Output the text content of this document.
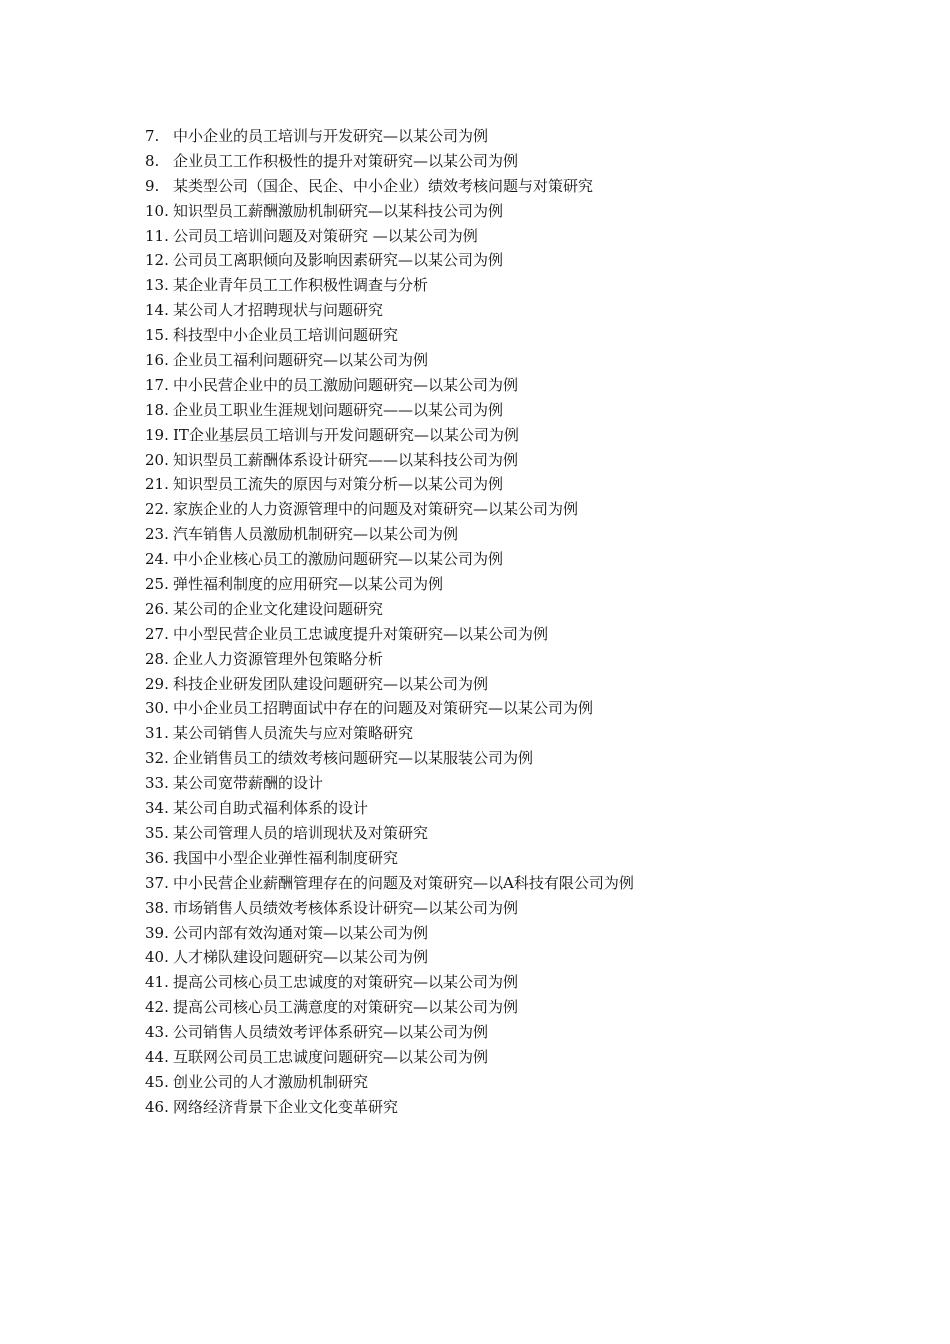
7. 中小企业的员工培训与开发研究—以某公司为例
8. 企业员工工作积极性的提升对策研究—以某公司为例
9. 某类型公司（国企、民企、中小企业）绩效考核问题与对策研究
10. 知识型员工薪酬激励机制研究—以某科技公司为例
11. 公司员工培训问题及对策研究 —以某公司为例
12. 公司员工离职倾向及影响因素研究—以某公司为例
13. 某企业青年员工工作积极性调查与分析
14. 某公司人才招聘现状与问题研究
15. 科技型中小企业员工培训问题研究
16. 企业员工福利问题研究—以某公司为例
17. 中小民营企业中的员工激励问题研究—以某公司为例
18. 企业员工职业生涯规划问题研究——以某公司为例
19. IT企业基层员工培训与开发问题研究—以某公司为例
20. 知识型员工薪酬体系设计研究——以某科技公司为例
21. 知识型员工流失的原因与对策分析—以某公司为例
22. 家族企业的人力资源管理中的问题及对策研究—以某公司为例
23. 汽车销售人员激励机制研究—以某公司为例
24. 中小企业核心员工的激励问题研究—以某公司为例
25. 弹性福利制度的应用研究—以某公司为例
26. 某公司的企业文化建设问题研究
27. 中小型民营企业员工忠诚度提升对策研究—以某公司为例
28. 企业人力资源管理外包策略分析
29. 科技企业研发团队建设问题研究—以某公司为例
30. 中小企业员工招聘面试中存在的问题及对策研究—以某公司为例
31. 某公司销售人员流失与应对策略研究
32. 企业销售员工的绩效考核问题研究—以某服装公司为例
33. 某公司宽带薪酬的设计
34. 某公司自助式福利体系的设计
35. 某公司管理人员的培训现状及对策研究
36. 我国中小型企业弹性福利制度研究
37. 中小民营企业薪酬管理存在的问题及对策研究—以A科技有限公司为例
38. 市场销售人员绩效考核体系设计研究—以某公司为例
39. 公司内部有效沟通对策—以某公司为例
40. 人才梯队建设问题研究—以某公司为例
41. 提高公司核心员工忠诚度的对策研究—以某公司为例
42. 提高公司核心员工满意度的对策研究—以某公司为例
43. 公司销售人员绩效考评体系研究—以某公司为例
44. 互联网公司员工忠诚度问题研究—以某公司为例
45. 创业公司的人才激励机制研究
46. 网络经济背景下企业文化变革研究
